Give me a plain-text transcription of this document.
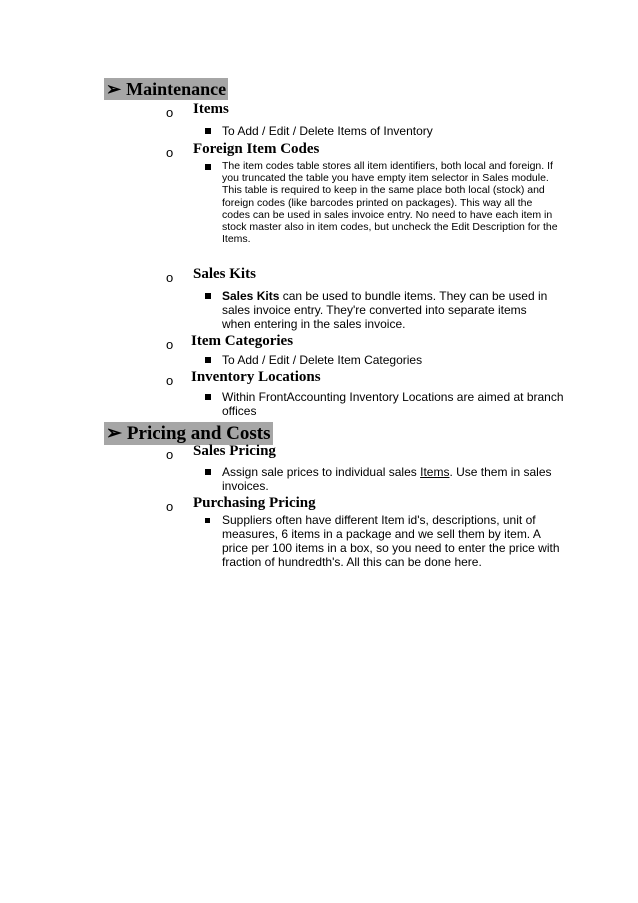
➢ Maintenance
o Items
To Add / Edit / Delete Items of Inventory
o Foreign Item Codes
The item codes table stores all item identifiers, both local and foreign. If you truncated the table you have empty item selector in Sales module. This table is required to keep in the same place both local (stock) and foreign codes (like barcodes printed on packages). This way all the codes can be used in sales invoice entry. No need to have each item in stock master also in item codes, but uncheck the Edit Description for the Items.
o Sales Kits
Sales Kits can be used to bundle items. They can be used in sales invoice entry. They're converted into separate items when entering in the sales invoice.
o Item Categories
To Add / Edit / Delete Item Categories
o Inventory Locations
Within FrontAccounting Inventory Locations are aimed at branch offices
➢ Pricing and Costs
o Sales Pricing
Assign sale prices to individual sales Items. Use them in sales invoices.
o Purchasing Pricing
Suppliers often have different Item id's, descriptions, unit of measures, 6 items in a package and we sell them by item. A price per 100 items in a box, so you need to enter the price with fraction of hundredth's. All this can be done here.
